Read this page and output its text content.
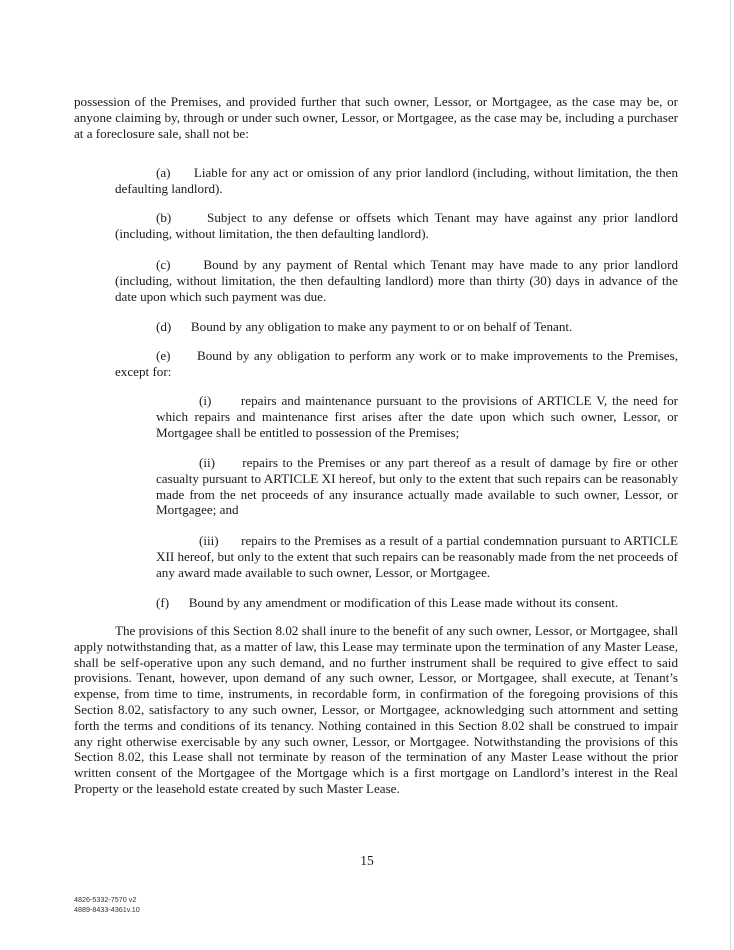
possession of the Premises, and provided further that such owner, Lessor, or Mortgagee, as the case may be, or anyone claiming by, through or under such owner, Lessor, or Mortgagee, as the case may be, including a purchaser at a foreclosure sale, shall not be:

(a)      Liable for any act or omission of any prior landlord (including, without limitation, the then defaulting landlord).

(b)      Subject to any defense or offsets which Tenant may have against any prior landlord (including, without limitation, the then defaulting landlord).

(c)      Bound by any payment of Rental which Tenant may have made to any prior landlord (including, without limitation, the then defaulting landlord) more than thirty (30) days in advance of the date upon which such payment was due.

(d)      Bound by any obligation to make any payment to or on behalf of Tenant.

(e)      Bound by any obligation to perform any work or to make improvements to the Premises, except for:

(i)      repairs and maintenance pursuant to the provisions of ARTICLE V, the need for which repairs and maintenance first arises after the date upon which such owner, Lessor, or Mortgagee shall be entitled to possession of the Premises;

(ii)      repairs to the Premises or any part thereof as a result of damage by fire or other casualty pursuant to ARTICLE XI hereof, but only to the extent that such repairs can be reasonably made from the net proceeds of any insurance actually made available to such owner, Lessor, or Mortgagee; and

(iii)      repairs to the Premises as a result of a partial condemnation pursuant to ARTICLE XII hereof, but only to the extent that such repairs can be reasonably made from the net proceeds of any award made available to such owner, Lessor, or Mortgagee.

(f)      Bound by any amendment or modification of this Lease made without its consent.

The provisions of this Section 8.02 shall inure to the benefit of any such owner, Lessor, or Mortgagee, shall apply notwithstanding that, as a matter of law, this Lease may terminate upon the termination of any Master Lease, shall be self-operative upon any such demand, and no further instrument shall be required to give effect to said provisions. Tenant, however, upon demand of any such owner, Lessor, or Mortgagee, shall execute, at Tenant’s expense, from time to time, instruments, in recordable form, in confirmation of the foregoing provisions of this Section 8.02, satisfactory to any such owner, Lessor, or Mortgagee, acknowledging such attornment and setting forth the terms and conditions of its tenancy. Nothing contained in this Section 8.02 shall be construed to impair any right otherwise exercisable by any such owner, Lessor, or Mortgagee. Notwithstanding the provisions of this Section 8.02, this Lease shall not terminate by reason of the termination of any Master Lease without the prior written consent of the Mortgagee of the Mortgage which is a first mortgage on Landlord’s interest in the Real Property or the leasehold estate created by such Master Lease.

15
4826-5332-7570 v2
4889-8433-4361v.10
